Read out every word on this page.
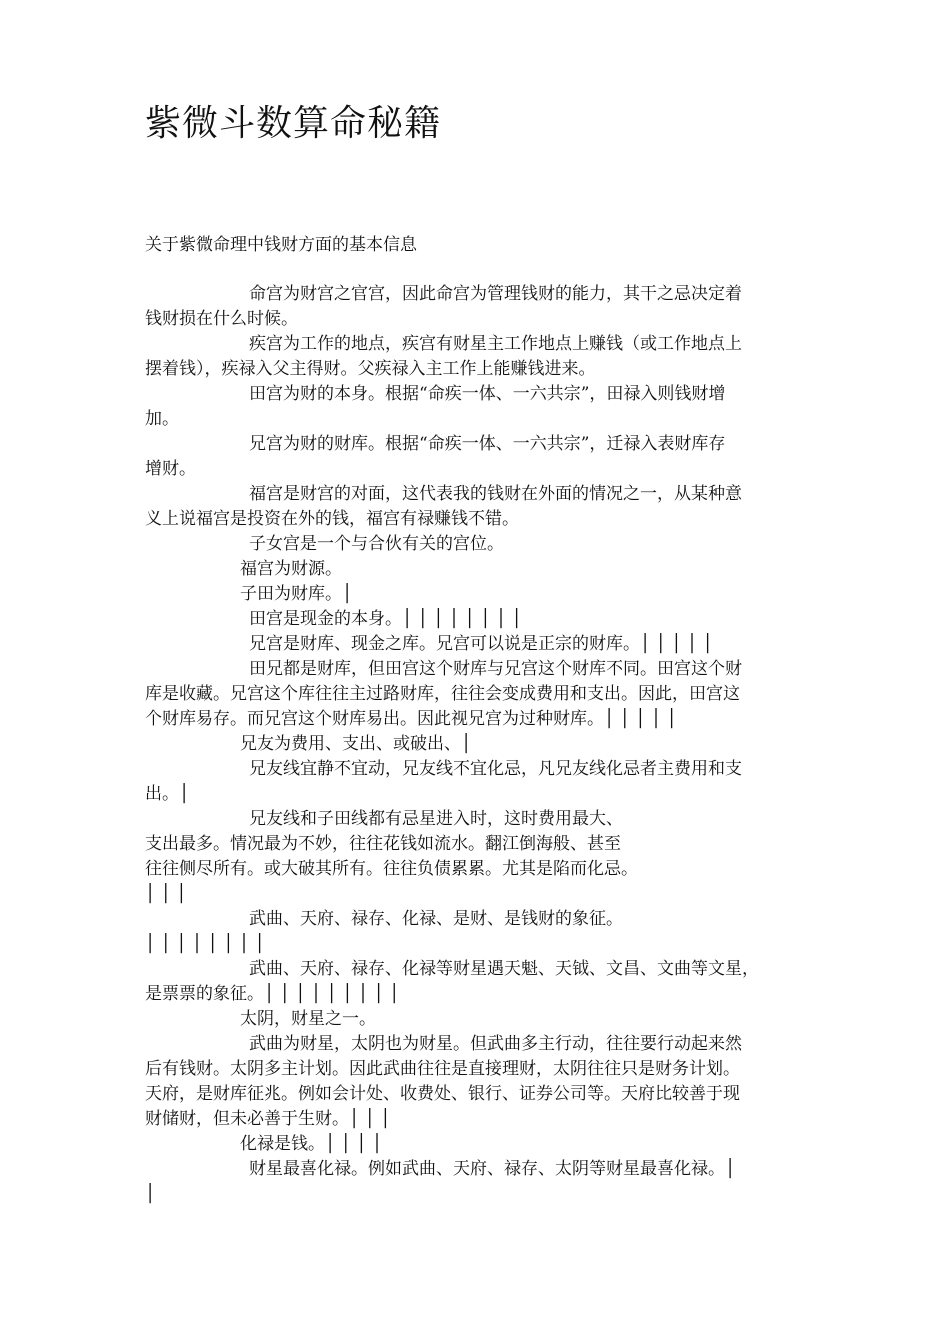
紫微斗数算命秘籍
关于紫微命理中钱财方面的基本信息
命宫为财宫之官宫，因此命宫为管理钱财的能力，其干之忌决定着
钱财损在什么时候。
疾宫为工作的地点，疾宫有财星主工作地点上赚钱（或工作地点上
摆着钱），疾禄入父主得财。父疾禄入主工作上能赚钱进来。
田宫为财的本身。根据“命疾一体、一六共宗”，田禄入则钱财增
加。
兄宫为财的财库。根据“命疾一体、一六共宗”，迁禄入表财库存
增财。
福宫是财宫的对面，这代表我的钱财在外面的情况之一，从某种意
义上说福宫是投资在外的钱，福宫有禄赚钱不错。
子女宫是一个与合伙有关的宫位。
福宫为财源。
子田为财库。│
田宫是现金的本身。│ │ │ │ │ │ │ │
兄宫是财库、现金之库。兄宫可以说是正宗的财库。│ │ │ │ │
田兄都是财库，但田宫这个财库与兄宫这个财库不同。田宫这个财
库是收藏。兄宫这个库往往主过路财库，往往会变成费用和支出。因此，田宫这
个财库易存。而兄宫这个财库易出。因此视兄宫为过种财库。│ │ │ │ │
兄友为费用、支出、或破出、│
兄友线宜静不宜动，兄友线不宜化忌，凡兄友线化忌者主费用和支
出。│
兄友线和子田线都有忌星进入时，这时费用最大、
支出最多。情况最为不妙，往往花钱如流水。翻江倒海般、甚至
往往侧尽所有。或大破其所有。往往负债累累。尤其是陷而化忌。
│ │ │
武曲、天府、禄存、化禄、是财、是钱财的象征。
│ │ │ │ │ │ │ │
武曲、天府、禄存、化禄等财星遇天魁、天钺、文昌、文曲等文星，
是票票的象征。│ │ │ │ │ │ │ │ │
太阴，财星之一。
武曲为财星，太阴也为财星。但武曲多主行动，往往要行动起来然
后有钱财。太阴多主计划。因此武曲往往是直接理财，太阴往往只是财务计划。
天府，是财库征兆。例如会计处、收费处、银行、证券公司等。天府比较善于现
财储财，但未必善于生财。│ │ │
化禄是钱。│ │ │ │
财星最喜化禄。例如武曲、天府、禄存、太阴等财星最喜化禄。│
│
